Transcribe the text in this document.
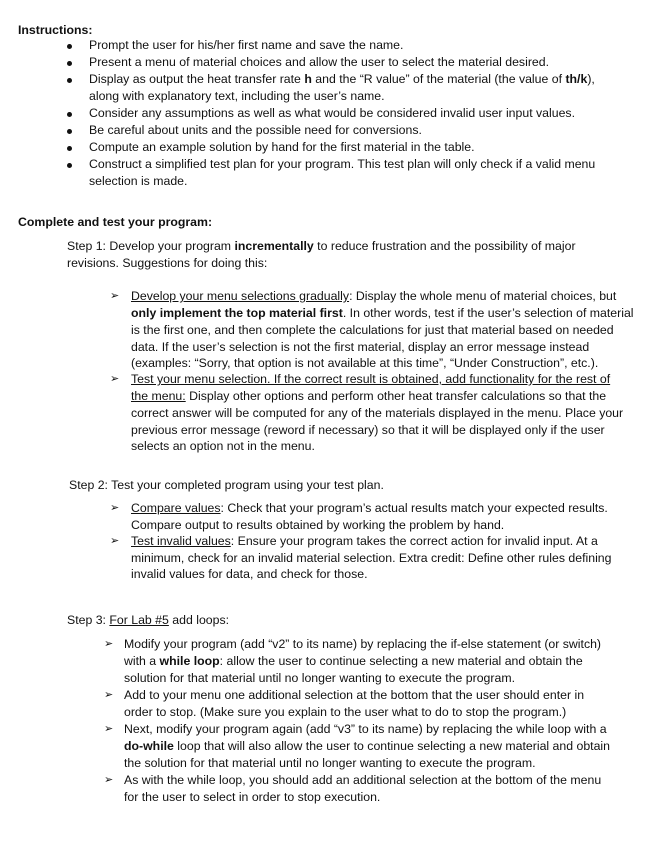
Instructions:
Prompt the user for his/her first name and save the name.
Present a menu of material choices and allow the user to select the material desired.
Display as output the heat transfer rate h and the “R value” of the material (the value of th/k),
along with explanatory text, including the user’s name.
Consider any assumptions as well as what would be considered invalid user input values.
Be careful about units and the possible need for conversions.
Compute an example solution by hand for the first material in the table.
Construct a simplified test plan for your program. This test plan will only check if a valid menu
selection is made.
Complete and test your program:
Step 1: Develop your program incrementally to reduce frustration and the possibility of major
revisions. Suggestions for doing this:
➢ Develop your menu selections gradually: Display the whole menu of material choices, but
only implement the top material first. In other words, test if the user’s selection of material
is the first one, and then complete the calculations for just that material based on needed
data. If the user’s selection is not the first material, display an error message instead
(examples: “Sorry, that option is not available at this time”, “Under Construction”, etc.).
➢ Test your menu selection. If the correct result is obtained, add functionality for the rest of
the menu: Display other options and perform other heat transfer calculations so that the
correct answer will be computed for any of the materials displayed in the menu. Place your
previous error message (reword if necessary) so that it will be displayed only if the user
selects an option not in the menu.
Step 2: Test your completed program using your test plan.
➢ Compare values: Check that your program’s actual results match your expected results.
Compare output to results obtained by working the problem by hand.
➢ Test invalid values: Ensure your program takes the correct action for invalid input. At a
minimum, check for an invalid material selection. Extra credit: Define other rules defining
invalid values for data, and check for those.
Step 3: For Lab #5 add loops:
➢ Modify your program (add “v2” to its name) by replacing the if-else statement (or switch)
with a while loop: allow the user to continue selecting a new material and obtain the
solution for that material until no longer wanting to execute the program.
➢ Add to your menu one additional selection at the bottom that the user should enter in
order to stop. (Make sure you explain to the user what to do to stop the program.)
➢ Next, modify your program again (add “v3” to its name) by replacing the while loop with a
do-while loop that will also allow the user to continue selecting a new material and obtain
the solution for that material until no longer wanting to execute the program.
➢ As with the while loop, you should add an additional selection at the bottom of the menu
for the user to select in order to stop execution.
